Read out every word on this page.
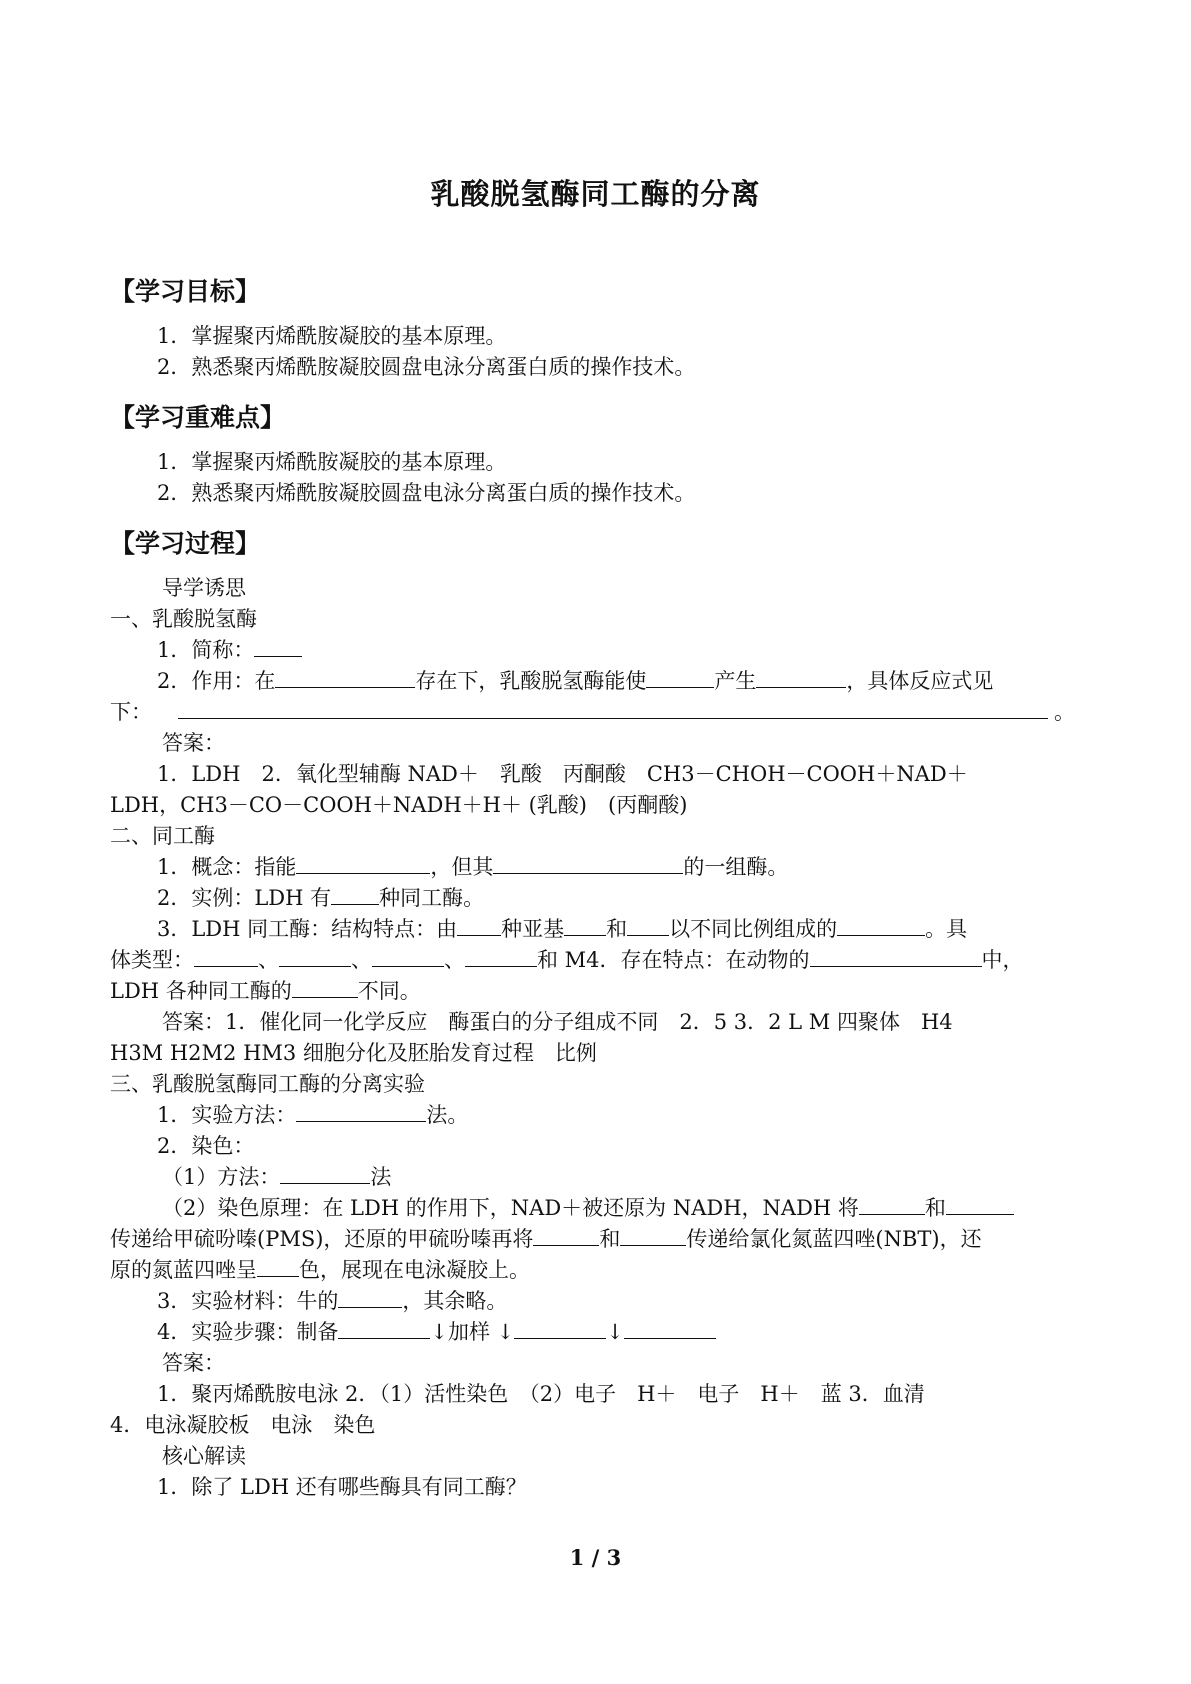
乳酸脱氢酶同工酶的分离
【学习目标】
1．掌握聚丙烯酰胺凝胶的基本原理。
2．熟悉聚丙烯酰胺凝胶圆盘电泳分离蛋白质的操作技术。
【学习重难点】
1．掌握聚丙烯酰胺凝胶的基本原理。
2．熟悉聚丙烯酰胺凝胶圆盘电泳分离蛋白质的操作技术。
【学习过程】
导学诱思
一、乳酸脱氢酶
1．简称：
2．作用：在	存在下，乳酸脱氢酶能使	产生	，具体反应式见
下：	。
答案：
1．LDH　2．氧化型辅酶 NAD＋　乳酸　丙酮酸　CH3－CHOH－COOH＋NAD＋
LDH，CH3－CO－COOH＋NADH＋H＋ (乳酸)　(丙酮酸)
二、同工酶
1．概念：指能	，但其	的一组酶。
2．实例：LDH 有 种同工酶。
3．LDH 同工酶：结构特点：由 种亚基 和 以不同比例组成的	。具
体类型：	、	、	、	和 M4．存在特点：在动物的	中，
LDH 各种同工酶的	不同。
答案：1．催化同一化学反应　酶蛋白的分子组成不同　2．5 3．2 L M 四聚体　H4
H3M H2M2 HM3 细胞分化及胚胎发育过程　比例
三、乳酸脱氢酶同工酶的分离实验
1．实验方法：	法。
2．染色：
（1）方法：	法
（2）染色原理：在 LDH 的作用下，NAD＋被还原为 NADH，NADH 将	和
传递给甲硫吩嗪(PMS)，还原的甲硫吩嗪再将	和	传递给氯化氮蓝四唑(NBT)，还
原的氮蓝四唑呈 色，展现在电泳凝胶上。
3．实验材料：牛的	，其余略。
4．实验步骤：制备	↓加样 ↓	↓
答案：
1．聚丙烯酰胺电泳 2．（1）活性染色　（2）电子　H＋　电子　H＋　蓝 3．血清
4．电泳凝胶板　电泳　染色
核心解读
1．除了 LDH 还有哪些酶具有同工酶？
1 / 3
